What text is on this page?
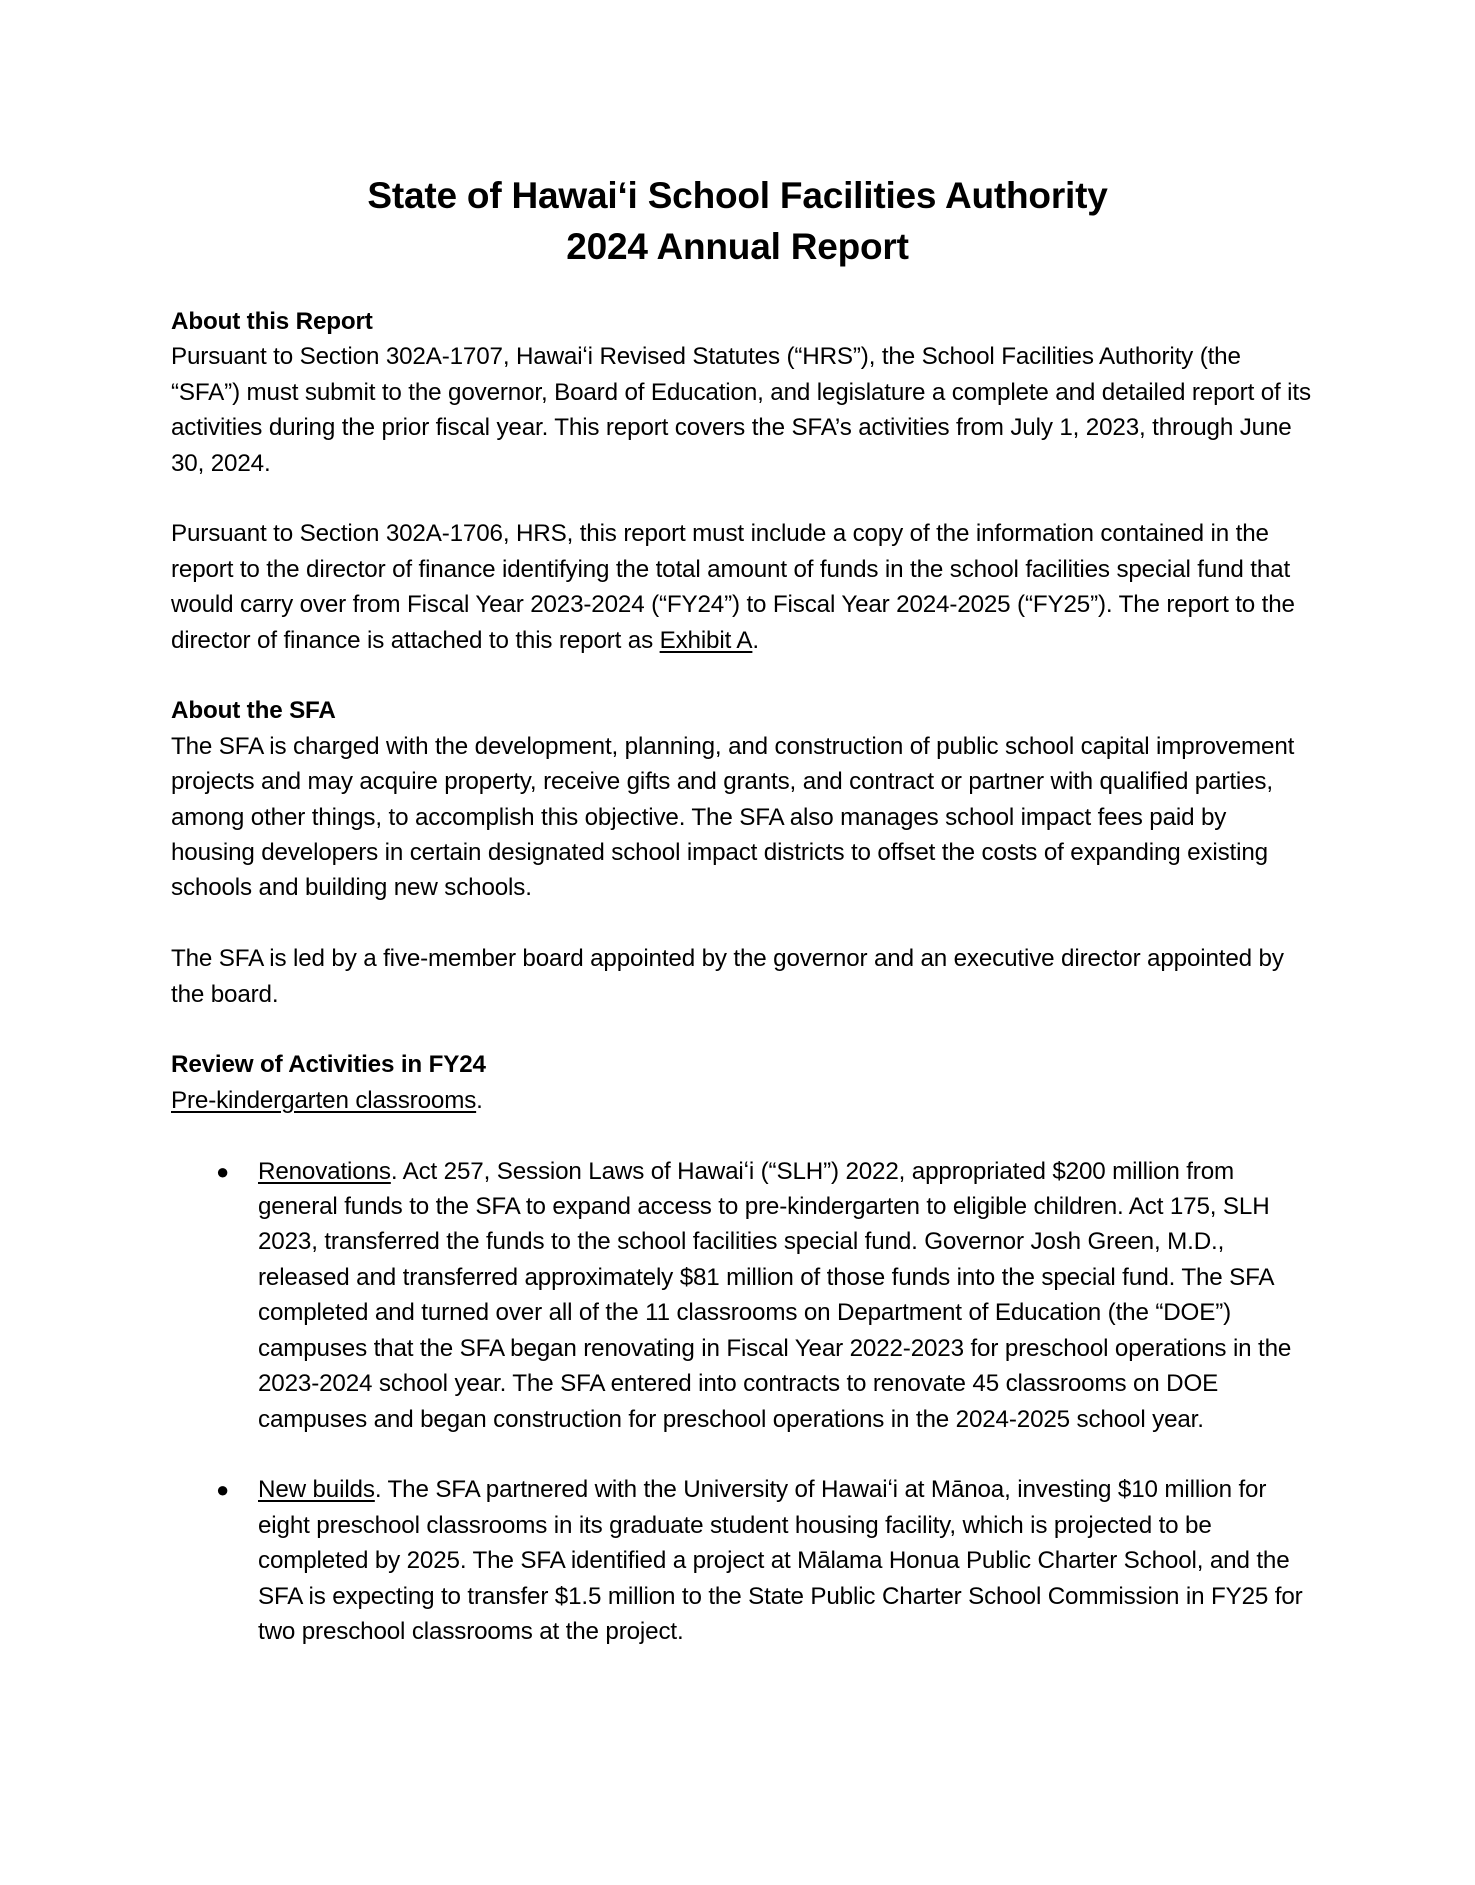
State of Hawaiʻi School Facilities Authority
2024 Annual Report
About this Report

Pursuant to Section 302A-1707, Hawaiʻi Revised Statutes (“HRS”), the School Facilities Authority (the “SFA”) must submit to the governor, Board of Education, and legislature a complete and detailed report of its activities during the prior fiscal year. This report covers the SFA’s activities from July 1, 2023, through June 30, 2024.

Pursuant to Section 302A-1706, HRS, this report must include a copy of the information contained in the report to the director of finance identifying the total amount of funds in the school facilities special fund that would carry over from Fiscal Year 2023-2024 (“FY24”) to Fiscal Year 2024-2025 (“FY25”). The report to the director of finance is attached to this report as Exhibit A.

About the SFA

The SFA is charged with the development, planning, and construction of public school capital improvement projects and may acquire property, receive gifts and grants, and contract or partner with qualified parties, among other things, to accomplish this objective. The SFA also manages school impact fees paid by housing developers in certain designated school impact districts to offset the costs of expanding existing schools and building new schools.

The SFA is led by a five-member board appointed by the governor and an executive director appointed by the board.

Review of Activities in FY24

Pre-kindergarten classrooms.

● Renovations. Act 257, Session Laws of Hawaiʻi (“SLH”) 2022, appropriated $200 million from general funds to the SFA to expand access to pre-kindergarten to eligible children. Act 175, SLH 2023, transferred the funds to the school facilities special fund. Governor Josh Green, M.D., released and transferred approximately $81 million of those funds into the special fund. The SFA completed and turned over all of the 11 classrooms on Department of Education (the “DOE”) campuses that the SFA began renovating in Fiscal Year 2022-2023 for preschool operations in the 2023-2024 school year. The SFA entered into contracts to renovate 45 classrooms on DOE campuses and began construction for preschool operations in the 2024-2025 school year.
● New builds. The SFA partnered with the University of Hawaiʻi at Mānoa, investing $10 million for eight preschool classrooms in its graduate student housing facility, which is projected to be completed by 2025. The SFA identified a project at Mālama Honua Public Charter School, and the SFA is expecting to transfer $1.5 million to the State Public Charter School Commission in FY25 for two preschool classrooms at the project.
